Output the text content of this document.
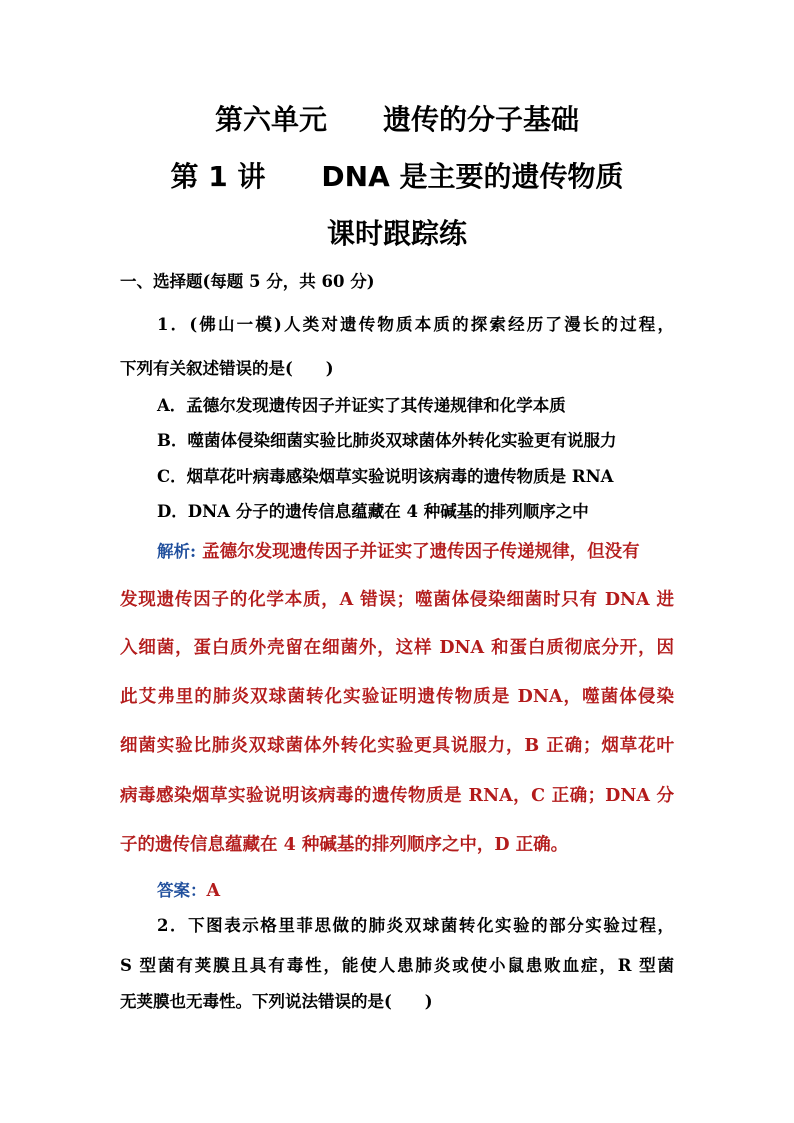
第六单元　　遗传的分子基础
第 1 讲　　DNA 是主要的遗传物质
课时跟踪练
一、选择题(每题 5 分，共 60 分)
1．(佛山一模)人类对遗传物质本质的探索经历了漫长的过程，
下列有关叙述错误的是(　　)
A．孟德尔发现遗传因子并证实了其传递规律和化学本质
B．噬菌体侵染细菌实验比肺炎双球菌体外转化实验更有说服力
C．烟草花叶病毒感染烟草实验说明该病毒的遗传物质是 RNA
D．DNA 分子的遗传信息蕴藏在 4 种碱基的排列顺序之中
解析: 孟德尔发现遗传因子并证实了遗传因子传递规律，但没有
发现遗传因子的化学本质，A 错误；噬菌体侵染细菌时只有 DNA 进
入细菌，蛋白质外壳留在细菌外，这样 DNA 和蛋白质彻底分开，因
此艾弗里的肺炎双球菌转化实验证明遗传物质是 DNA，噬菌体侵染
细菌实验比肺炎双球菌体外转化实验更具说服力，B 正确；烟草花叶
病毒感染烟草实验说明该病毒的遗传物质是 RNA，C 正确；DNA 分
子的遗传信息蕴藏在 4 种碱基的排列顺序之中，D 正确。
答案：A
2．下图表示格里菲思做的肺炎双球菌转化实验的部分实验过程，
S 型菌有荚膜且具有毒性，能使人患肺炎或使小鼠患败血症，R 型菌
无荚膜也无毒性。下列说法错误的是(　　)
